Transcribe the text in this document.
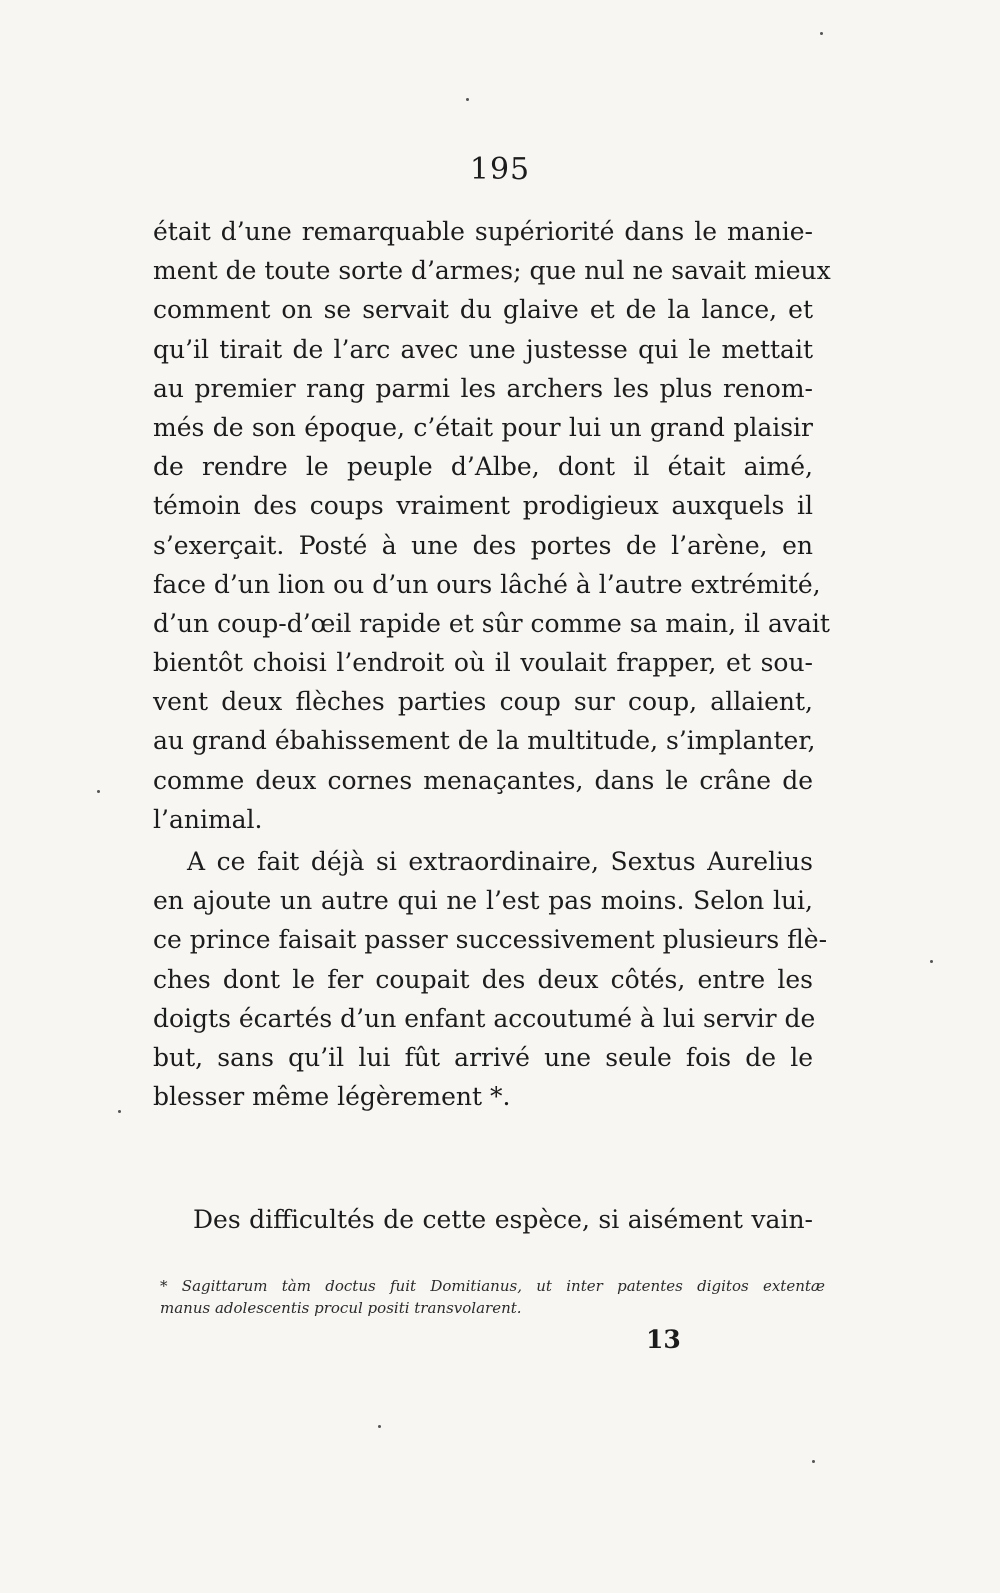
195
était d’une remarquable supériorité dans le manie-
ment de toute sorte d’armes; que nul ne savait mieux
comment on se servait du glaive et de la lance, et
qu’il tirait de l’arc avec une justesse qui le mettait
au premier rang parmi les archers les plus renom-
més de son époque, c’était pour lui un grand plaisir
de rendre le peuple d’Albe, dont il était aimé,
témoin des coups vraiment prodigieux auxquels il
s’exerçait. Posté à une des portes de l’arène, en
face d’un lion ou d’un ours lâché à l’autre extrémité,
d’un coup-d’œil rapide et sûr comme sa main, il avait
bientôt choisi l’endroit où il voulait frapper, et sou-
vent deux flèches parties coup sur coup, allaient,
au grand ébahissement de la multitude, s’implanter,
comme deux cornes menaçantes, dans le crâne de
l’animal.
A ce fait déjà si extraordinaire, Sextus Aurelius
en ajoute un autre qui ne l’est pas moins. Selon lui,
ce prince faisait passer successivement plusieurs flè-
ches dont le fer coupait des deux côtés, entre les
doigts écartés d’un enfant accoutumé à lui servir de
but, sans qu’il lui fût arrivé une seule fois de le
blesser même légèrement *.
Des difficultés de cette espèce, si aisément vain-
* Sagittarum tàm doctus fuit Domitianus, ut inter patentes digitos extentæ
manus adolescentis procul positi transvolarent.
13
